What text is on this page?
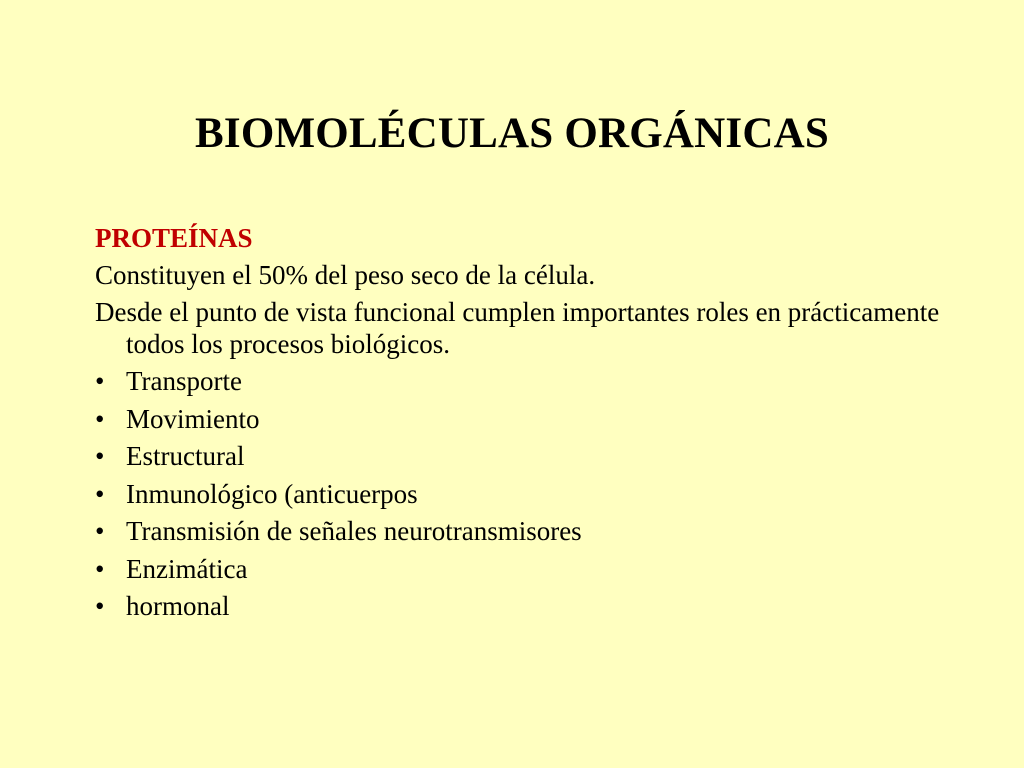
BIOMOLÉCULAS ORGÁNICAS
PROTEÍNAS
Constituyen el 50% del peso seco de la célula.
Desde el punto de vista funcional cumplen importantes roles en prácticamente todos los procesos biológicos.
• Transporte
• Movimiento
• Estructural
• Inmunológico (anticuerpos
• Transmisión de señales neurotransmisores
• Enzimática
• hormonal
